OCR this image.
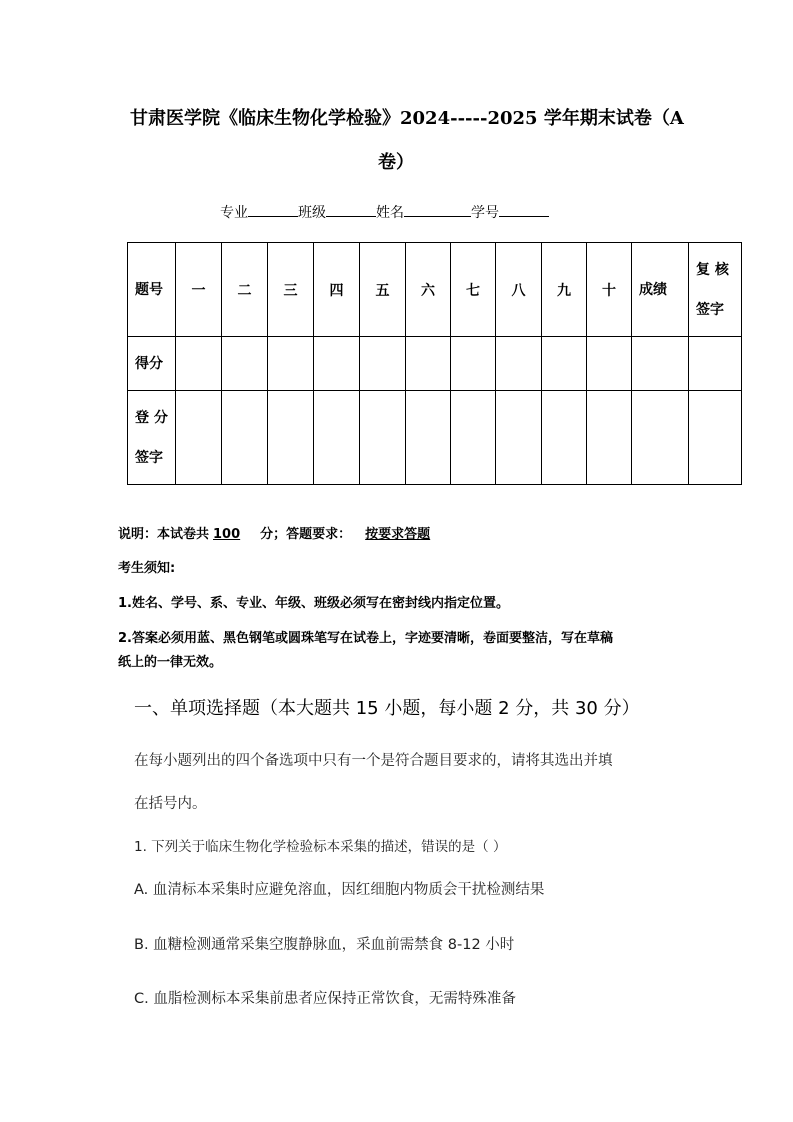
甘肃医学院《临床生物化学检验》2024-----2025 学年期末试卷（A
卷）
专业	班级	姓名	学号
题号	一	二	三	四	五	六	七	八	九	十	成绩	复 核
签字

得分												

登 分
签字												

说明：本试卷共 100 分；答题要求： 按要求答题
考生须知:
1.姓名、学号、系、专业、年级、班级必须写在密封线内指定位置。
2.答案必须用蓝、黑色钢笔或圆珠笔写在试卷上，字迹要清晰，卷面要整洁，写在草稿
纸上的一律无效。
一、单项选择题（本大题共 15 小题，每小题 2 分，共 30 分）
在每小题列出的四个备选项中只有一个是符合题目要求的，请将其选出并填
在括号内。
1. 下列关于临床生物化学检验标本采集的描述，错误的是（ ）
A. 血清标本采集时应避免溶血，因红细胞内物质会干扰检测结果
B. 血糖检测通常采集空腹静脉血，采血前需禁食 8-12 小时
C. 血脂检测标本采集前患者应保持正常饮食，无需特殊准备
